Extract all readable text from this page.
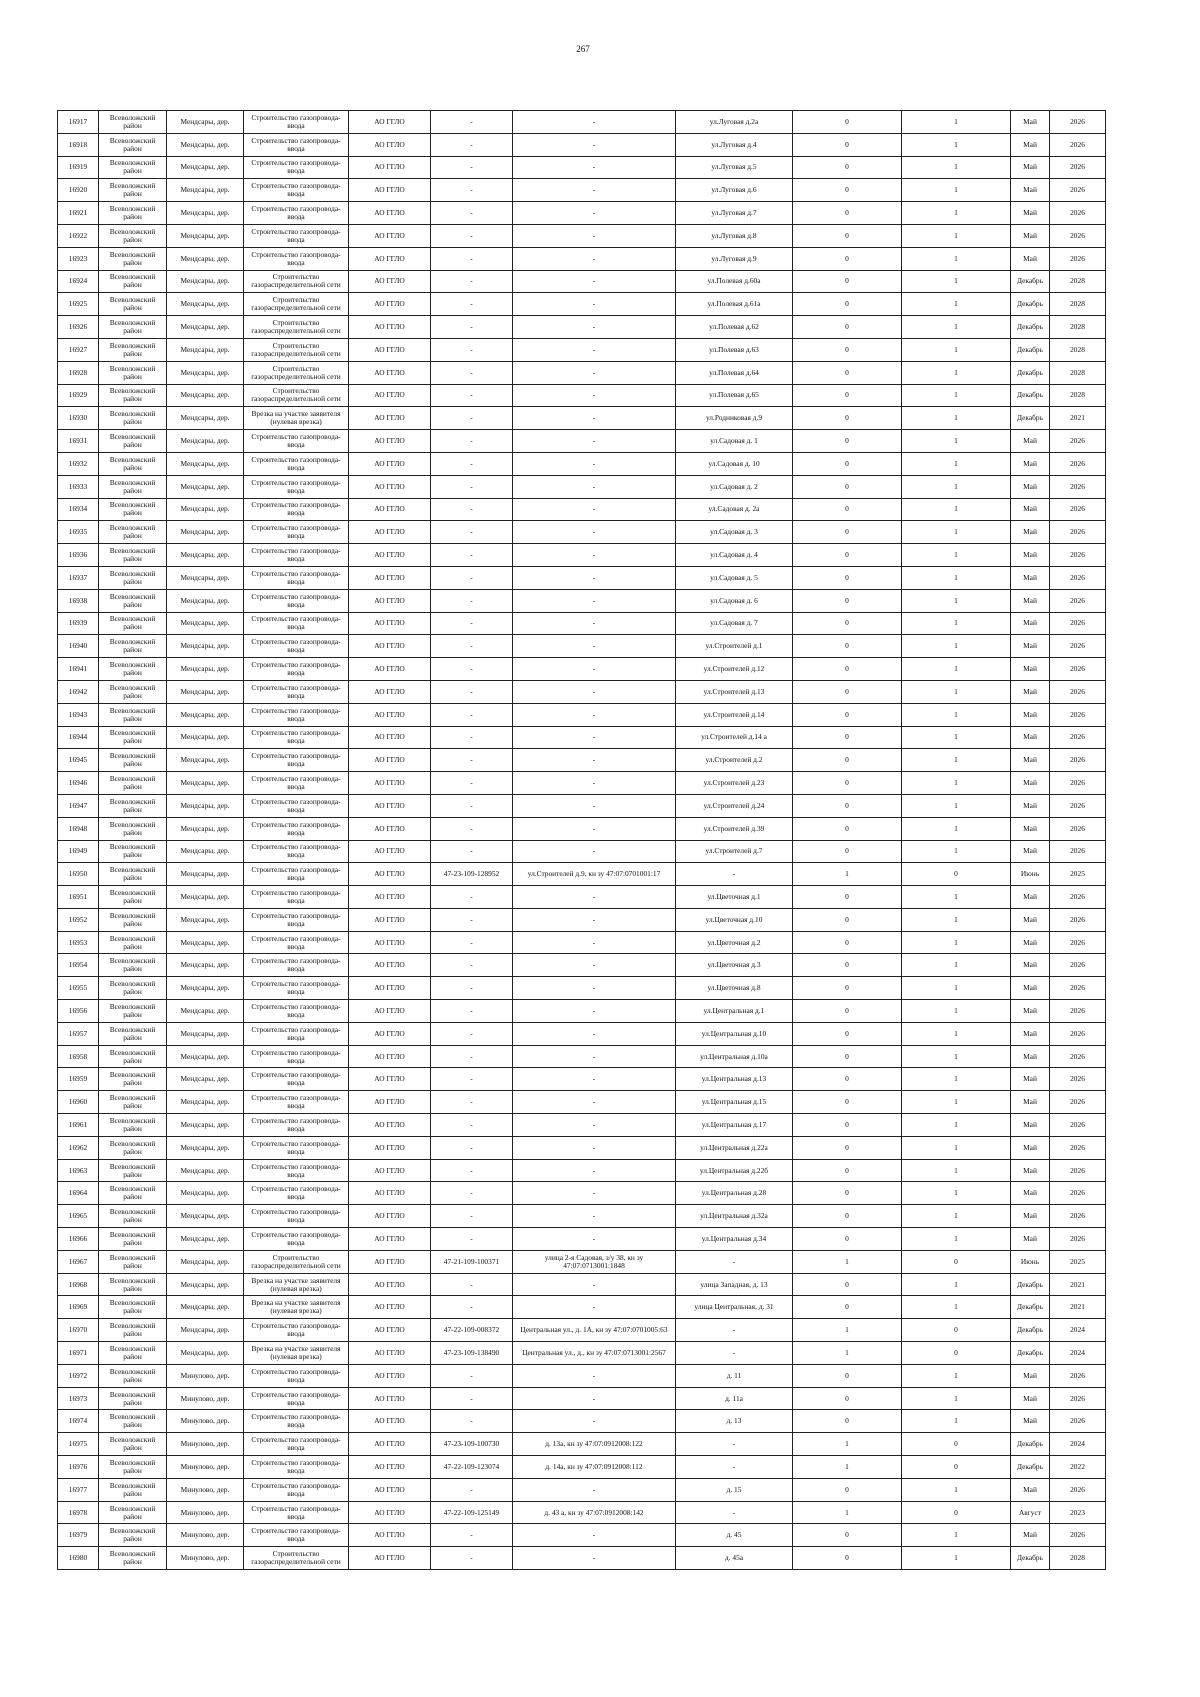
267
16917	Всеволожский район	Мендсары, дер.	Строительство газопровода-ввода	АО ГГЛО	-	-	ул.Луговая д.2а	0	1	Май	2026
16918	Всеволожский район	Мендсары, дер.	Строительство газопровода-ввода	АО ГГЛО	-	-	ул.Луговая д.4	0	1	Май	2026
16919	Всеволожский район	Мендсары, дер.	Строительство газопровода-ввода	АО ГГЛО	-	-	ул.Луговая д.5	0	1	Май	2026
16920	Всеволожский район	Мендсары, дер.	Строительство газопровода-ввода	АО ГГЛО	-	-	ул.Луговая д.6	0	1	Май	2026
16921	Всеволожский район	Мендсары, дер.	Строительство газопровода-ввода	АО ГГЛО	-	-	ул.Луговая д.7	0	1	Май	2026
16922	Всеволожский район	Мендсары, дер.	Строительство газопровода-ввода	АО ГГЛО	-	-	ул.Луговая д.8	0	1	Май	2026
16923	Всеволожский район	Мендсары, дер.	Строительство газопровода-ввода	АО ГГЛО	-	-	ул.Луговая д.9	0	1	Май	2026
16924	Всеволожский район	Мендсары, дер.	Строительство газораспределительной сети	АО ГГЛО	-	-	ул.Полевая д.60а	0	1	Декабрь	2028
16925	Всеволожский район	Мендсары, дер.	Строительство газораспределительной сети	АО ГГЛО	-	-	ул.Полевая д.61а	0	1	Декабрь	2028
16926	Всеволожский район	Мендсары, дер.	Строительство газораспределительной сети	АО ГГЛО	-	-	ул.Полевая д.62	0	1	Декабрь	2028
16927	Всеволожский район	Мендсары, дер.	Строительство газораспределительной сети	АО ГГЛО	-	-	ул.Полевая д.63	0	1	Декабрь	2028
16928	Всеволожский район	Мендсары, дер.	Строительство газораспределительной сети	АО ГГЛО	-	-	ул.Полевая д.64	0	1	Декабрь	2028
16929	Всеволожский район	Мендсары, дер.	Строительство газораспределительной сети	АО ГГЛО	-	-	ул.Полевая д.65	0	1	Декабрь	2028
16930	Всеволожский район	Мендсары, дер.	Врезка на участке заявителя (нулевая врезка)	АО ГГЛО	-	-	ул.Родниковая д.9	0	1	Декабрь	2021
16931	Всеволожский район	Мендсары, дер.	Строительство газопровода-ввода	АО ГГЛО	-	-	ул.Садовая д. 1	0	1	Май	2026
16932	Всеволожский район	Мендсары, дер.	Строительство газопровода-ввода	АО ГГЛО	-	-	ул.Садовая д. 10	0	1	Май	2026
16933	Всеволожский район	Мендсары, дер.	Строительство газопровода-ввода	АО ГГЛО	-	-	ул.Садовая д. 2	0	1	Май	2026
16934	Всеволожский район	Мендсары, дер.	Строительство газопровода-ввода	АО ГГЛО	-	-	ул.Садовая д. 2а	0	1	Май	2026
16935	Всеволожский район	Мендсары, дер.	Строительство газопровода-ввода	АО ГГЛО	-	-	ул.Садовая д. 3	0	1	Май	2026
16936	Всеволожский район	Мендсары, дер.	Строительство газопровода-ввода	АО ГГЛО	-	-	ул.Садовая д. 4	0	1	Май	2026
16937	Всеволожский район	Мендсары, дер.	Строительство газопровода-ввода	АО ГГЛО	-	-	ул.Садовая д. 5	0	1	Май	2026
16938	Всеволожский район	Мендсары, дер.	Строительство газопровода-ввода	АО ГГЛО	-	-	ул.Садовая д. 6	0	1	Май	2026
16939	Всеволожский район	Мендсары, дер.	Строительство газопровода-ввода	АО ГГЛО	-	-	ул.Садовая д. 7	0	1	Май	2026
16940	Всеволожский район	Мендсары, дер.	Строительство газопровода-ввода	АО ГГЛО	-	-	ул.Строителей д.1	0	1	Май	2026
16941	Всеволожский район	Мендсары, дер.	Строительство газопровода-ввода	АО ГГЛО	-	-	ул.Строителей д.12	0	1	Май	2026
16942	Всеволожский район	Мендсары, дер.	Строительство газопровода-ввода	АО ГГЛО	-	-	ул.Строителей д.13	0	1	Май	2026
16943	Всеволожский район	Мендсары, дер.	Строительство газопровода-ввода	АО ГГЛО	-	-	ул.Строителей д.14	0	1	Май	2026
16944	Всеволожский район	Мендсары, дер.	Строительство газопровода-ввода	АО ГГЛО	-	-	ул.Строителей д.14 а	0	1	Май	2026
16945	Всеволожский район	Мендсары, дер.	Строительство газопровода-ввода	АО ГГЛО	-	-	ул.Строителей д.2	0	1	Май	2026
16946	Всеволожский район	Мендсары, дер.	Строительство газопровода-ввода	АО ГГЛО	-	-	ул.Строителей д.23	0	1	Май	2026
16947	Всеволожский район	Мендсары, дер.	Строительство газопровода-ввода	АО ГГЛО	-	-	ул.Строителей д.24	0	1	Май	2026
16948	Всеволожский район	Мендсары, дер.	Строительство газопровода-ввода	АО ГГЛО	-	-	ул.Строителей д.39	0	1	Май	2026
16949	Всеволожский район	Мендсары, дер.	Строительство газопровода-ввода	АО ГГЛО	-	-	ул.Строителей д.7	0	1	Май	2026
16950	Всеволожский район	Мендсары, дер.	Строительство газопровода-ввода	АО ГГЛО	47-23-109-128952	ул.Строителей д.9, кн зу 47:07:0701001:17	-	1	0	Июнь	2025
16951	Всеволожский район	Мендсары, дер.	Строительство газопровода-ввода	АО ГГЛО	-	-	ул.Цветочная д.1	0	1	Май	2026
16952	Всеволожский район	Мендсары, дер.	Строительство газопровода-ввода	АО ГГЛО	-	-	ул.Цветочная д.10	0	1	Май	2026
16953	Всеволожский район	Мендсары, дер.	Строительство газопровода-ввода	АО ГГЛО	-	-	ул.Цветочная д.2	0	1	Май	2026
16954	Всеволожский район	Мендсары, дер.	Строительство газопровода-ввода	АО ГГЛО	-	-	ул.Цветочная д.3	0	1	Май	2026
16955	Всеволожский район	Мендсары, дер.	Строительство газопровода-ввода	АО ГГЛО	-	-	ул.Цветочная д.8	0	1	Май	2026
16956	Всеволожский район	Мендсары, дер.	Строительство газопровода-ввода	АО ГГЛО	-	-	ул.Центральная д.1	0	1	Май	2026
16957	Всеволожский район	Мендсары, дер.	Строительство газопровода-ввода	АО ГГЛО	-	-	ул.Центральная д.10	0	1	Май	2026
16958	Всеволожский район	Мендсары, дер.	Строительство газопровода-ввода	АО ГГЛО	-	-	ул.Центральная д.10а	0	1	Май	2026
16959	Всеволожский район	Мендсары, дер.	Строительство газопровода-ввода	АО ГГЛО	-	-	ул.Центральная д.13	0	1	Май	2026
16960	Всеволожский район	Мендсары, дер.	Строительство газопровода-ввода	АО ГГЛО	-	-	ул.Центральная д.15	0	1	Май	2026
16961	Всеволожский район	Мендсары, дер.	Строительство газопровода-ввода	АО ГГЛО	-	-	ул.Центральная д.17	0	1	Май	2026
16962	Всеволожский район	Мендсары, дер.	Строительство газопровода-ввода	АО ГГЛО	-	-	ул.Центральная д.22а	0	1	Май	2026
16963	Всеволожский район	Мендсары, дер.	Строительство газопровода-ввода	АО ГГЛО	-	-	ул.Центральная д.22б	0	1	Май	2026
16964	Всеволожский район	Мендсары, дер.	Строительство газопровода-ввода	АО ГГЛО	-	-	ул.Центральная д.28	0	1	Май	2026
16965	Всеволожский район	Мендсары, дер.	Строительство газопровода-ввода	АО ГГЛО	-	-	ул.Центральная д.32а	0	1	Май	2026
16966	Всеволожский район	Мендсары, дер.	Строительство газопровода-ввода	АО ГГЛО	-	-	ул.Центральная д.34	0	1	Май	2026
16967	Всеволожский район	Мендсары, дер.	Строительство газораспределительной сети	АО ГГЛО	47-21-109-100371	улица 2-я Садовая, з/у 38, кн зу 47:07:0713001:1848	-	1	0	Июнь	2025
16968	Всеволожский район	Мендсары, дер.	Врезка на участке заявителя (нулевая врезка)	АО ГГЛО	-	-	улица Западная, д. 13	0	1	Декабрь	2021
16969	Всеволожский район	Мендсары, дер.	Врезка на участке заявителя (нулевая врезка)	АО ГГЛО	-	-	улица Центральная, д. 31	0	1	Декабрь	2021
16970	Всеволожский район	Мендсары, дер.	Строительство газопровода-ввода	АО ГГЛО	47-22-109-008372	Центральная ул., д. 1А, кн зу 47:07:0701005:63	-	1	0	Декабрь	2024
16971	Всеволожский район	Мендсары, дер.	Врезка на участке заявителя (нулевая врезка)	АО ГГЛО	47-23-109-138490	Центральная ул., д., кн зу 47:07:0713001:2567	-	1	0	Декабрь	2024
16972	Всеволожский район	Минулово, дер.	Строительство газопровода-ввода	АО ГГЛО	-	-	д. 11	0	1	Май	2026
16973	Всеволожский район	Минулово, дер.	Строительство газопровода-ввода	АО ГГЛО	-	-	д. 11а	0	1	Май	2026
16974	Всеволожский район	Минулово, дер.	Строительство газопровода-ввода	АО ГГЛО	-	-	д. 13	0	1	Май	2026
16975	Всеволожский район	Минулово, дер.	Строительство газопровода-ввода	АО ГГЛО	47-23-109-100730	д. 13а, кн зу 47:07:0912008:122	-	1	0	Декабрь	2024
16976	Всеволожский район	Минулово, дер.	Строительство газопровода-ввода	АО ГГЛО	47-22-109-123074	д. 14а, кн зу 47:07:0912008:112	-	1	0	Декабрь	2022
16977	Всеволожский район	Минулово, дер.	Строительство газопровода-ввода	АО ГГЛО	-	-	д. 15	0	1	Май	2026
16978	Всеволожский район	Минулово, дер.	Строительство газопровода-ввода	АО ГГЛО	47-22-109-125149	д. 43 а, кн зу 47:07:0912008:142	-	1	0	Август	2023
16979	Всеволожский район	Минулово, дер.	Строительство газопровода-ввода	АО ГГЛО	-	-	д. 45	0	1	Май	2026
16980	Всеволожский район	Минулово, дер.	Строительство газораспределительной сети	АО ГГЛО	-	-	д. 45а	0	1	Декабрь	2028
